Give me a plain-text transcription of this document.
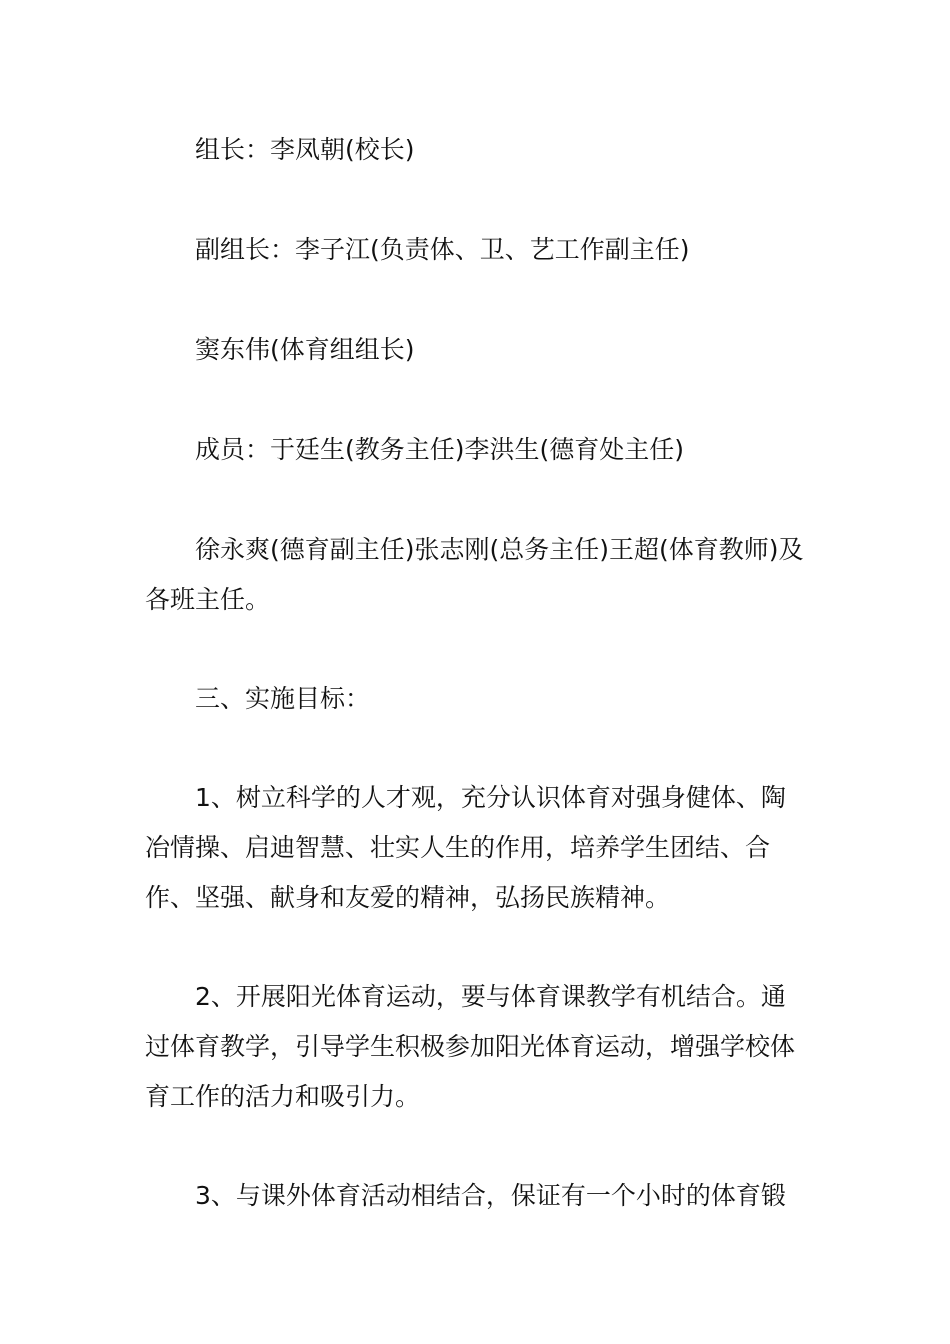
组长：李凤朝(校长)

副组长：李子江(负责体、卫、艺工作副主任)

窦东伟(体育组组长)

成员：于廷生(教务主任)李洪生(德育处主任)

徐永爽(德育副主任)张志刚(总务主任)王超(体育教师)及各班主任。

三、实施目标：

1、树立科学的人才观，充分认识体育对强身健体、陶冶情操、启迪智慧、壮实人生的作用，培养学生团结、合作、坚强、献身和友爱的精神，弘扬民族精神。

2、开展阳光体育运动，要与体育课教学有机结合。通过体育教学，引导学生积极参加阳光体育运动，增强学校体育工作的活力和吸引力。

3、与课外体育活动相结合，保证有一个小时的体育锻
